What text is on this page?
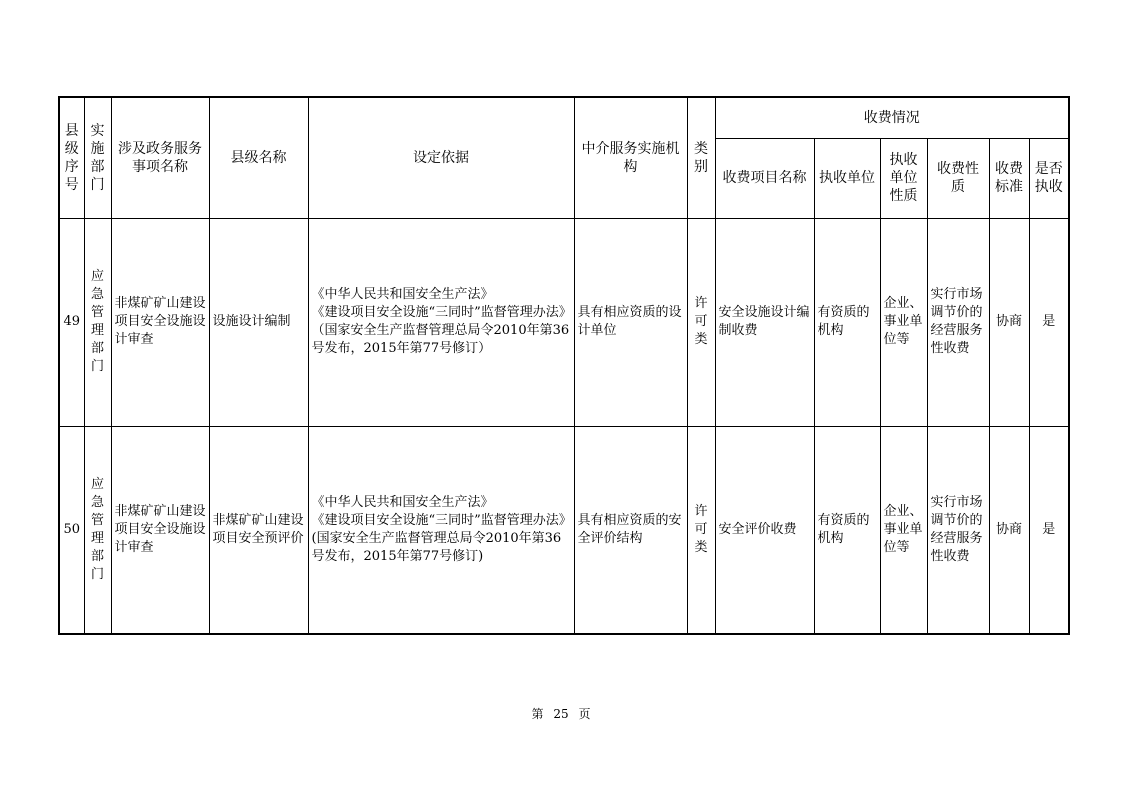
县级序号	实施部门	涉及政务服务事项名称	县级名称	设定依据	中介服务实施机构	类别	收费情况					
							收费项目名称	执收单位	执收单位性质	收费性质	收费标准	是否执收
49	应急管理部门	非煤矿矿山建设项目安全设施设计审查	设施设计编制	《中华人民共和国安全生产法》
《建设项目安全设施“三同时”监督管理办法》（国家安全生产监督管理总局令2010年第36号发布，2015年第77号修订）	具有相应资质的设计单位	许可类	安全设施设计编制收费	有资质的机构	企业、事业单位等	实行市场调节价的经营服务性收费	协商	是
50	应急管理部门	非煤矿矿山建设项目安全设施设计审查	非煤矿矿山建设项目安全预评价	《中华人民共和国安全生产法》
《建设项目安全设施“三同时”监督管理办法》(国家安全生产监督管理总局令2010年第36号发布，2015年第77号修订)	具有相应资质的安全评价结构	许可类	安全评价收费	有资质的机构	企业、事业单位等	实行市场调节价的经营服务性收费	协商	是
第 25 页
